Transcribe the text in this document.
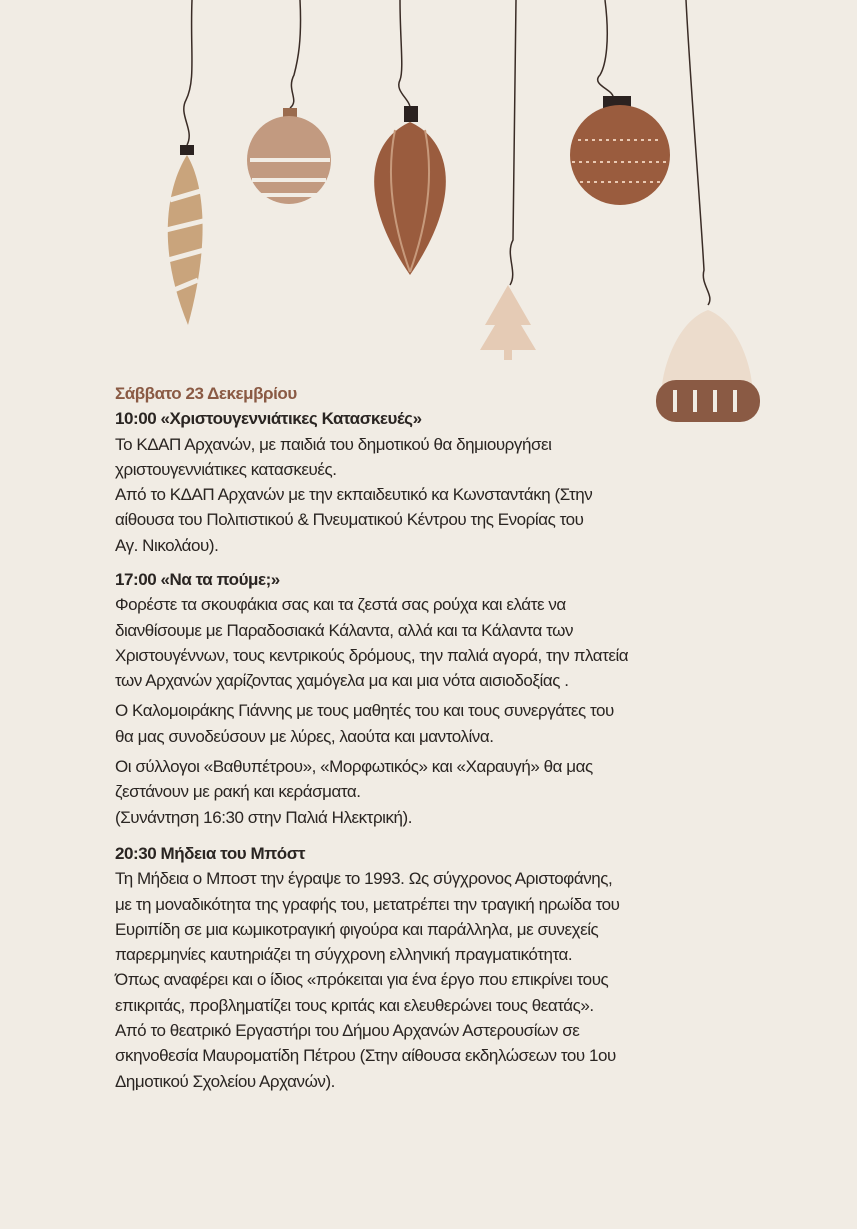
Σάββατο 23 Δεκεμβρίου
10:00 «Χριστουγεννιάτικες Κατασκευές»
Το ΚΔΑΠ Αρχανών, με παιδιά του δημοτικού θα δημιουργήσει
χριστουγεννιάτικες κατασκευές.
Από το ΚΔΑΠ Αρχανών με την εκπαιδευτικό κα Κωνσταντάκη (Στην
αίθουσα του Πολιτιστικού & Πνευματικού Κέντρου της Ενορίας του
Αγ. Νικολάου).
17:00 «Να τα πούμε;»
Φορέστε τα σκουφάκια σας και τα ζεστά σας ρούχα και ελάτε να
διανθίσουμε με Παραδοσιακά Κάλαντα, αλλά και τα Κάλαντα των
Χριστουγέννων, τους κεντρικούς δρόμους, την παλιά αγορά, την πλατεία
των Αρχανών χαρίζοντας χαμόγελα μα και μια νότα αισιοδοξίας .
Ο Καλομοιράκης Γιάννης με τους μαθητές του και τους συνεργάτες του
θα μας συνοδεύσουν με λύρες, λαούτα και μαντολίνα.
Οι σύλλογοι «Βαθυπέτρου», «Μορφωτικός» και «Χαραυγή» θα μας
ζεστάνουν με ρακή και κεράσματα.
(Συνάντηση 16:30 στην Παλιά Ηλεκτρική).
20:30 Μήδεια του Μπόστ
Τη Μήδεια ο Μποστ την έγραψε το 1993. Ως σύγχρονος Αριστοφάνης,
με τη μοναδικότητα της γραφής του, μετατρέπει την τραγική ηρωίδα του
Ευριπίδη σε μια κωμικοτραγική φιγούρα και παράλληλα, με συνεχείς
παρερμηνίες καυτηριάζει τη σύγχρονη ελληνική πραγματικότητα.
Όπως αναφέρει και ο ίδιος «πρόκειται για ένα έργο που επικρίνει τους
επικριτάς, προβληματίζει τους κριτάς και ελευθερώνει τους θεατάς».
Από το θεατρικό Εργαστήρι του Δήμου Αρχανών Αστερουσίων σε
σκηνοθεσία Μαυροματίδη Πέτρου (Στην αίθουσα εκδηλώσεων του 1ου
Δημοτικού Σχολείου Αρχανών).
